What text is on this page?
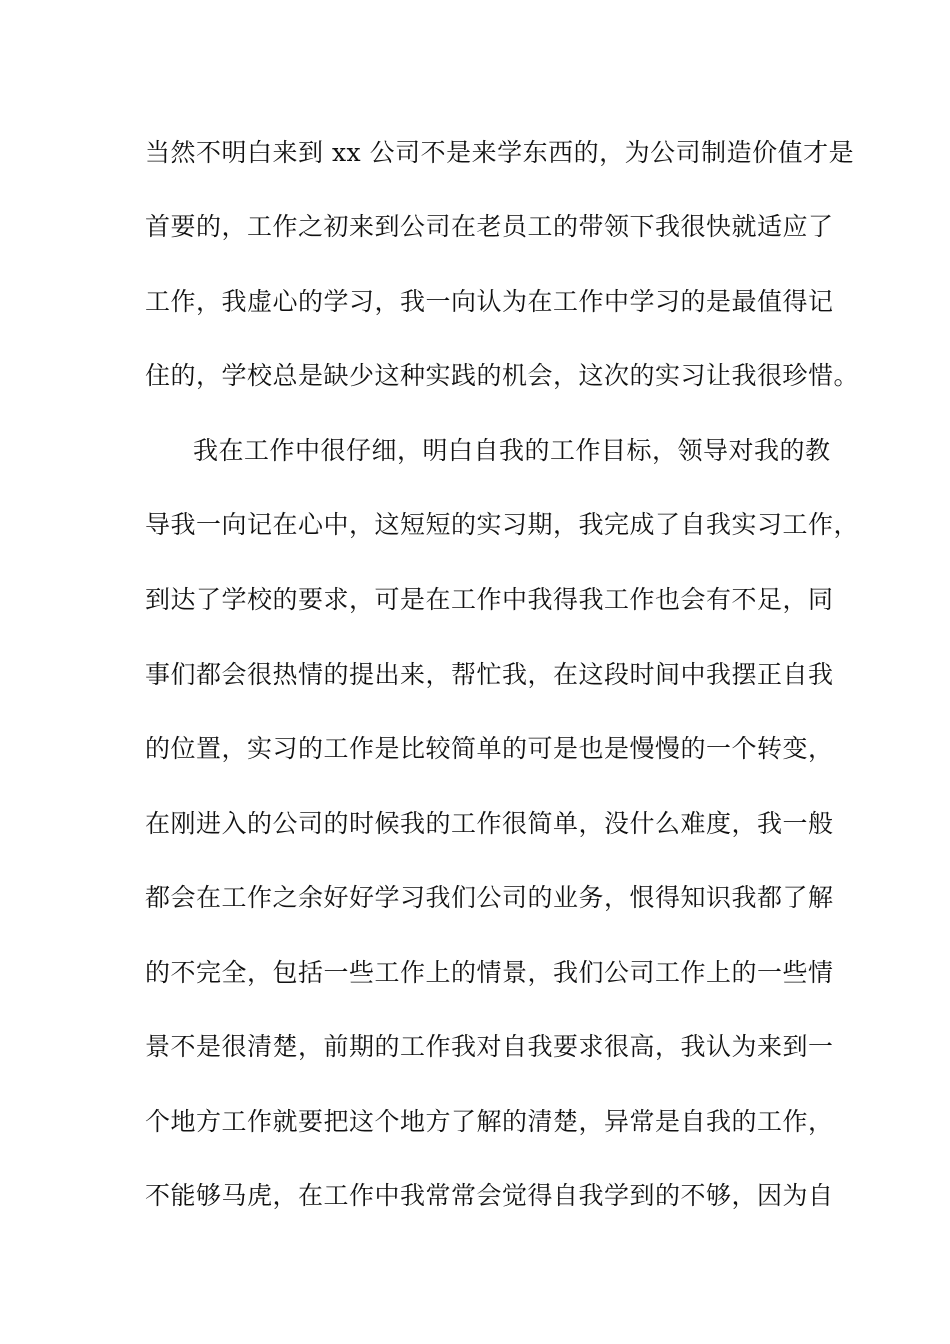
当然不明白来到 xx 公司不是来学东西的，为公司制造价值才是
首要的，工作之初来到公司在老员工的带领下我很快就适应了
工作，我虚心的学习，我一向认为在工作中学习的是最值得记
住的，学校总是缺少这种实践的机会，这次的实习让我很珍惜。
我在工作中很仔细，明白自我的工作目标，领导对我的教
导我一向记在心中，这短短的实习期，我完成了自我实习工作，
到达了学校的要求，可是在工作中我得我工作也会有不足，同
事们都会很热情的提出来，帮忙我，在这段时间中我摆正自我
的位置，实习的工作是比较简单的可是也是慢慢的一个转变，
在刚进入的公司的时候我的工作很简单，没什么难度，我一般
都会在工作之余好好学习我们公司的业务，恨得知识我都了解
的不完全，包括一些工作上的情景，我们公司工作上的一些情
景不是很清楚，前期的工作我对自我要求很高，我认为来到一
个地方工作就要把这个地方了解的清楚，异常是自我的工作，
不能够马虎，在工作中我常常会觉得自我学到的不够，因为自
